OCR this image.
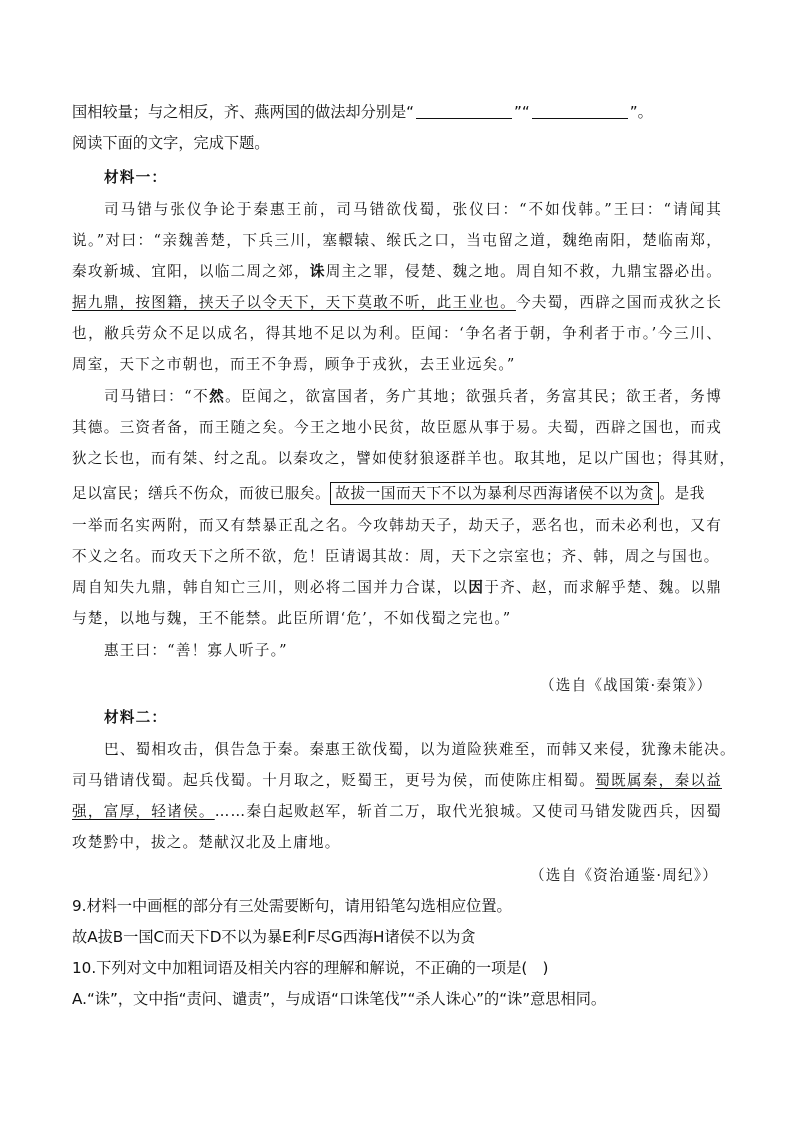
国相较量；与之相反，齐、燕两国的做法却分别是“	”“	”。
阅读下面的文字，完成下题。
材料一：
司马错与张仪争论于秦惠王前，司马错欲伐蜀，张仪曰：“不如伐韩。”王曰：“请闻其
说。”对曰：“亲魏善楚，下兵三川，塞轘辕、缑氏之口，当屯留之道，魏绝南阳，楚临南郑，
秦攻新城、宜阳，以临二周之郊，诛周主之罪，侵楚、魏之地。周自知不救，九鼎宝器必出。
据九鼎，按图籍，挟天子以令天下，天下莫敢不听，此王业也。今夫蜀，西辟之国而戎狄之长
也，敝兵劳众不足以成名，得其地不足以为利。臣闻：‘争名者于朝，争利者于市。’今三川、
周室，天下之市朝也，而王不争焉，顾争于戎狄，去王业远矣。”
司马错曰：“不然。臣闻之，欲富国者，务广其地；欲强兵者，务富其民；欲王者，务博
其德。三资者备，而王随之矣。今王之地小民贫，故臣愿从事于易。夫蜀，西辟之国也，而戎
狄之长也，而有桀、纣之乱。以秦攻之，譬如使豺狼逐群羊也。取其地，足以广国也；得其财，
足以富民；缮兵不伤众，而彼已服矣。 故拔一国而天下不以为暴利尽西海诸侯不以为贪 。是我
一举而名实两附，而又有禁暴正乱之名。今攻韩劫天子，劫天子，恶名也，而未必利也，又有
不义之名。而攻天下之所不欲，危！臣请谒其故：周，天下之宗室也；齐、韩，周之与国也。
周自知失九鼎，韩自知亡三川，则必将二国并力合谋，以因于齐、赵，而求解乎楚、魏。以鼎
与楚，以地与魏，王不能禁。此臣所谓‘危’，不如伐蜀之完也。”
惠王曰：“善！寡人听子。”
（选自《战国策·秦策》）
材料二：
巴、蜀相攻击，俱告急于秦。秦惠王欲伐蜀，以为道险狭难至，而韩又来侵，犹豫未能决。
司马错请伐蜀。起兵伐蜀。十月取之，贬蜀王，更号为侯，而使陈庄相蜀。蜀既属秦，秦以益
强，富厚，轻诸侯。……秦白起败赵军，斩首二万，取代光狼城。又使司马错发陇西兵，因蜀
攻楚黔中，拔之。楚献汉北及上庸地。
（选自《资治通鉴·周纪》）
9.材料一中画框的部分有三处需要断句，请用铅笔勾选相应位置。
故A拔B一国C而天下D不以为暴E利F尽G西海H诸侯不以为贪
10.下列对文中加粗词语及相关内容的理解和解说，不正确的一项是(　)
A.“诛”，文中指“责问、谴责”，与成语“口诛笔伐”“杀人诛心”的“诛”意思相同。
